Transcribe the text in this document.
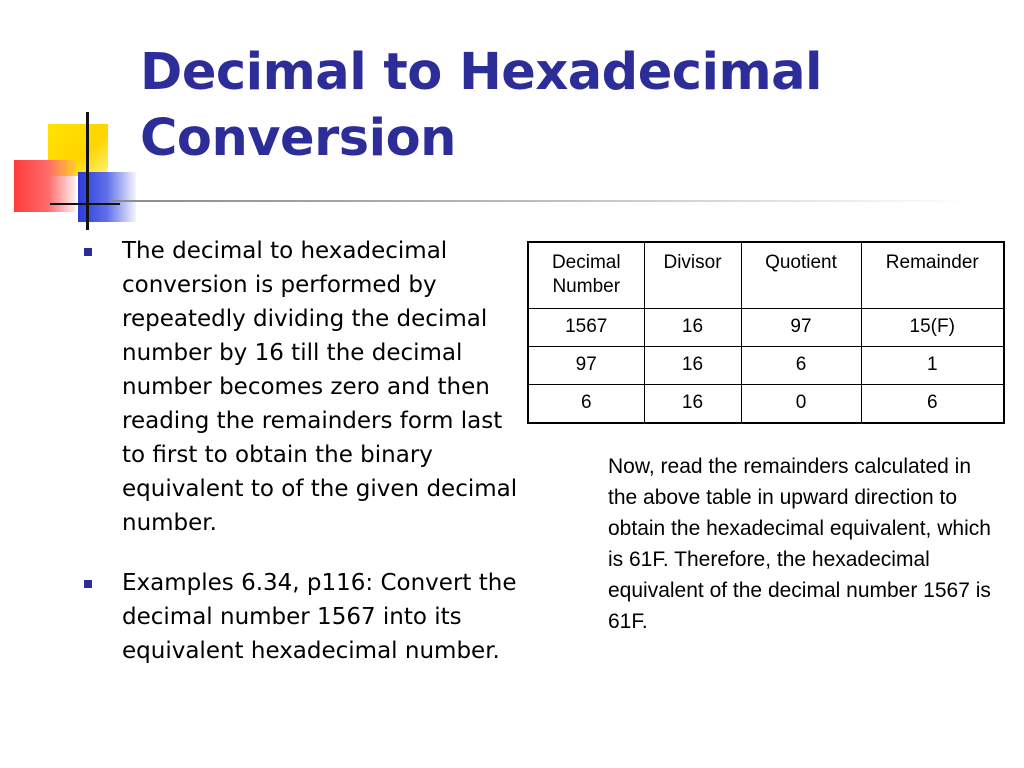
Decimal to Hexadecimal Conversion
The decimal to hexadecimal conversion is performed by repeatedly dividing the decimal number by 16 till the decimal number becomes zero and then reading the remainders form last to first to obtain the binary equivalent to of the given decimal number.
Examples 6.34, p116: Convert the decimal number 1567 into its equivalent hexadecimal number.
Decimal Number	Divisor	Quotient	Remainder
1567	16	97	15(F)
97	16	6	1
6	16	0	6

Now, read the remainders calculated in the above table in upward direction to obtain the hexadecimal equivalent, which is 61F. Therefore, the hexadecimal equivalent of the decimal number 1567 is 61F.
